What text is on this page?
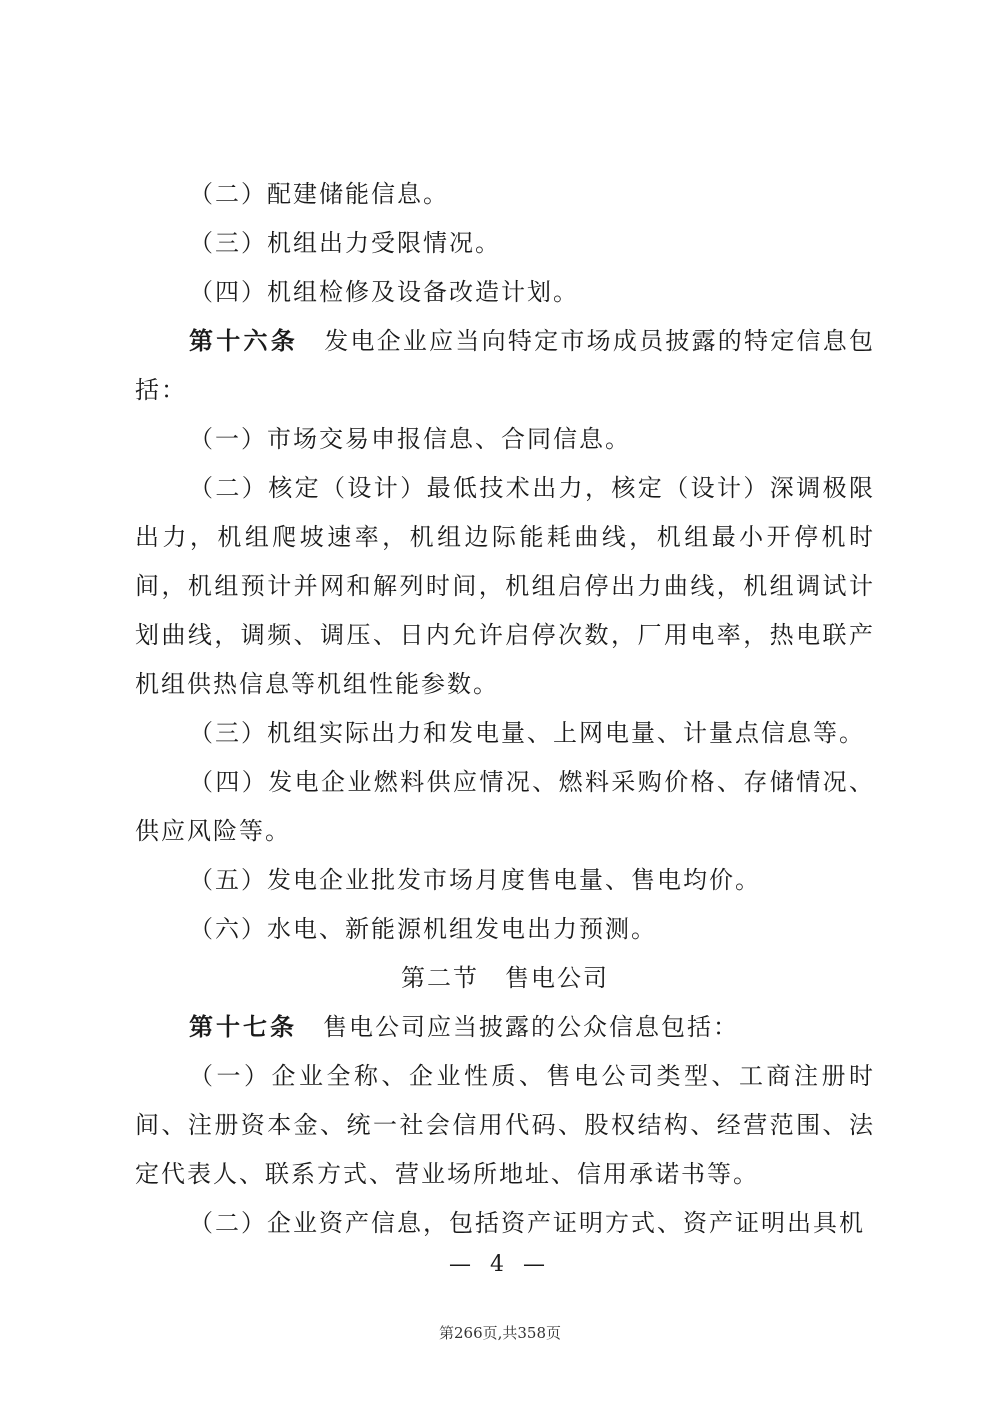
（二）配建储能信息。

（三）机组出力受限情况。

（四）机组检修及设备改造计划。

第十六条　发电企业应当向特定市场成员披露的特定信息包括：

（一）市场交易申报信息、合同信息。

（二）核定（设计）最低技术出力，核定（设计）深调极限出力，机组爬坡速率，机组边际能耗曲线，机组最小开停机时间，机组预计并网和解列时间，机组启停出力曲线，机组调试计划曲线，调频、调压、日内允许启停次数，厂用电率，热电联产机组供热信息等机组性能参数。

（三）机组实际出力和发电量、上网电量、计量点信息等。

（四）发电企业燃料供应情况、燃料采购价格、存储情况、供应风险等。

（五）发电企业批发市场月度售电量、售电均价。

（六）水电、新能源机组发电出力预测。

第二节　售电公司

第十七条　售电公司应当披露的公众信息包括：

（一）企业全称、企业性质、售电公司类型、工商注册时间、注册资本金、统一社会信用代码、股权结构、经营范围、法定代表人、联系方式、营业场所地址、信用承诺书等。

（二）企业资产信息，包括资产证明方式、资产证明出具机

— 4 —
第266页,共358页
